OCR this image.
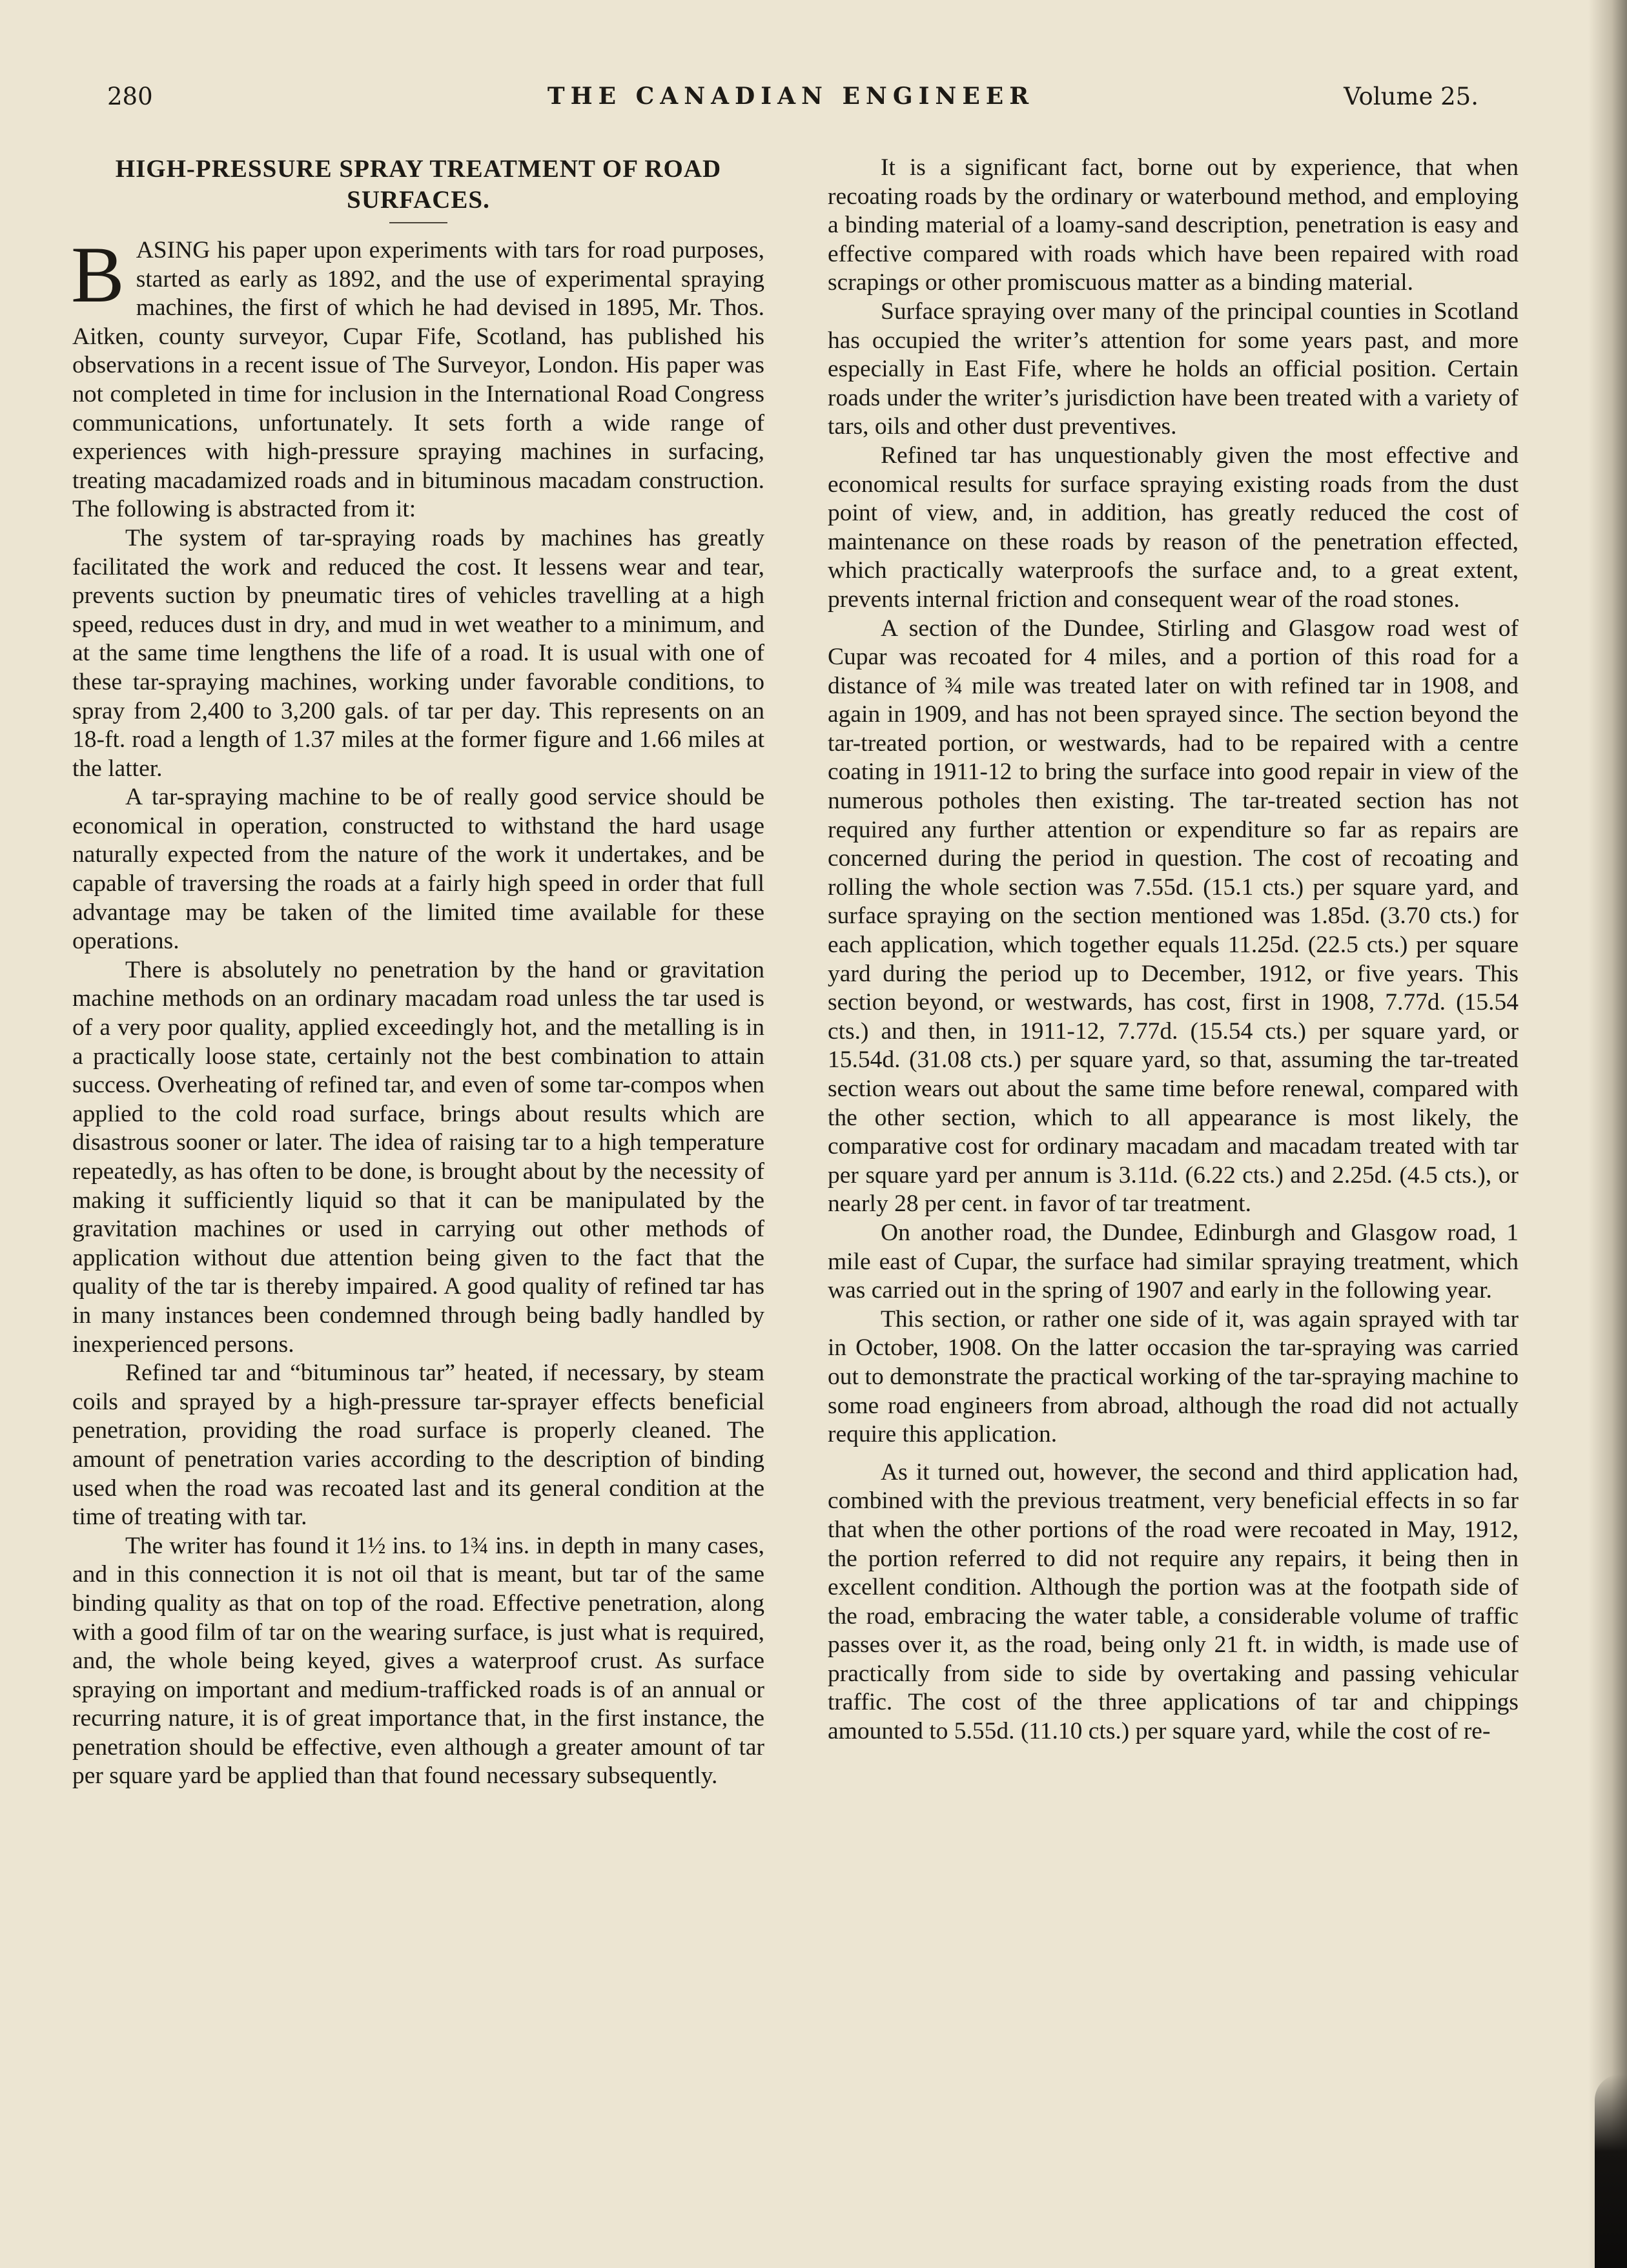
280	THE CANADIAN ENGINEER	Volume 25.
HIGH-PRESSURE SPRAY TREATMENT OF ROAD SURFACES.

BASING his paper upon experiments with tars for road purposes, started as early as 1892, and the use of experimental spraying machines, the first of which he had devised in 1895, Mr. Thos. Aitken, county surveyor, Cupar Fife, Scotland, has published his observations in a recent issue of The Surveyor, London. His paper was not completed in time for inclusion in the International Road Congress communications, unfortunately. It sets forth a wide range of experiences with high-pressure spraying machines in surfacing, treating macadamized roads and in bituminous macadam construction. The following is abstracted from it:

The system of tar-spraying roads by machines has greatly facilitated the work and reduced the cost. It lessens wear and tear, prevents suction by pneumatic tires of vehicles travelling at a high speed, reduces dust in dry, and mud in wet weather to a minimum, and at the same time lengthens the life of a road. It is usual with one of these tar-spraying machines, working under favorable conditions, to spray from 2,400 to 3,200 gals. of tar per day. This represents on an 18-ft. road a length of 1.37 miles at the former figure and 1.66 miles at the latter.

A tar-spraying machine to be of really good service should be economical in operation, constructed to withstand the hard usage naturally expected from the nature of the work it undertakes, and be capable of traversing the roads at a fairly high speed in order that full advantage may be taken of the limited time available for these operations.

There is absolutely no penetration by the hand or gravitation machine methods on an ordinary macadam road unless the tar used is of a very poor quality, applied exceedingly hot, and the metalling is in a practically loose state, certainly not the best combination to attain success. Overheating of refined tar, and even of some tar-compos when applied to the cold road surface, brings about results which are disastrous sooner or later. The idea of raising tar to a high temperature repeatedly, as has often to be done, is brought about by the necessity of making it sufficiently liquid so that it can be manipulated by the gravitation machines or used in carrying out other methods of application without due attention being given to the fact that the quality of the tar is thereby impaired. A good quality of refined tar has in many instances been condemned through being badly handled by inexperienced persons.

Refined tar and “bituminous tar” heated, if necessary, by steam coils and sprayed by a high-pressure tar-sprayer effects beneficial penetration, providing the road surface is properly cleaned. The amount of penetration varies according to the description of binding used when the road was recoated last and its general condition at the time of treating with tar.

The writer has found it 1½ ins. to 1¾ ins. in depth in many cases, and in this connection it is not oil that is meant, but tar of the same binding quality as that on top of the road. Effective penetration, along with a good film of tar on the wearing surface, is just what is required, and, the whole being keyed, gives a waterproof crust. As surface spraying on important and medium-trafficked roads is of an annual or recurring nature, it is of great importance that, in the first instance, the penetration should be effective, even although a greater amount of tar per square yard be applied than that found necessary subsequently.

It is a significant fact, borne out by experience, that when recoating roads by the ordinary or waterbound method, and employing a binding material of a loamy-sand description, penetration is easy and effective compared with roads which have been repaired with road scrapings or other promiscuous matter as a binding material.

Surface spraying over many of the principal counties in Scotland has occupied the writer’s attention for some years past, and more especially in East Fife, where he holds an official position. Certain roads under the writer’s jurisdiction have been treated with a variety of tars, oils and other dust preventives.

Refined tar has unquestionably given the most effective and economical results for surface spraying existing roads from the dust point of view, and, in addition, has greatly reduced the cost of maintenance on these roads by reason of the penetration effected, which practically waterproofs the surface and, to a great extent, prevents internal friction and consequent wear of the road stones.

A section of the Dundee, Stirling and Glasgow road west of Cupar was recoated for 4 miles, and a portion of this road for a distance of ¾ mile was treated later on with refined tar in 1908, and again in 1909, and has not been sprayed since. The section beyond the tar-treated portion, or westwards, had to be repaired with a centre coating in 1911-12 to bring the surface into good repair in view of the numerous potholes then existing. The tar-treated section has not required any further attention or expenditure so far as repairs are concerned during the period in question. The cost of recoating and rolling the whole section was 7.55d. (15.1 cts.) per square yard, and surface spraying on the section mentioned was 1.85d. (3.70 cts.) for each application, which together equals 11.25d. (22.5 cts.) per square yard during the period up to December, 1912, or five years. This section beyond, or westwards, has cost, first in 1908, 7.77d. (15.54 cts.) and then, in 1911-12, 7.77d. (15.54 cts.) per square yard, or 15.54d. (31.08 cts.) per square yard, so that, assuming the tar-treated section wears out about the same time before renewal, compared with the other section, which to all appearance is most likely, the comparative cost for ordinary macadam and macadam treated with tar per square yard per annum is 3.11d. (6.22 cts.) and 2.25d. (4.5 cts.), or nearly 28 per cent. in favor of tar treatment.

On another road, the Dundee, Edinburgh and Glasgow road, 1 mile east of Cupar, the surface had similar spraying treatment, which was carried out in the spring of 1907 and early in the following year.

This section, or rather one side of it, was again sprayed with tar in October, 1908. On the latter occasion the tar-spraying was carried out to demonstrate the practical working of the tar-spraying machine to some road engineers from abroad, although the road did not actually require this application.

As it turned out, however, the second and third application had, combined with the previous treatment, very beneficial effects in so far that when the other portions of the road were recoated in May, 1912, the portion referred to did not require any repairs, it being then in excellent condition. Although the portion was at the footpath side of the road, embracing the water table, a considerable volume of traffic passes over it, as the road, being only 21 ft. in width, is made use of practically from side to side by overtaking and passing vehicular traffic. The cost of the three applications of tar and chippings amounted to 5.55d. (11.10 cts.) per square yard, while the cost of re-
